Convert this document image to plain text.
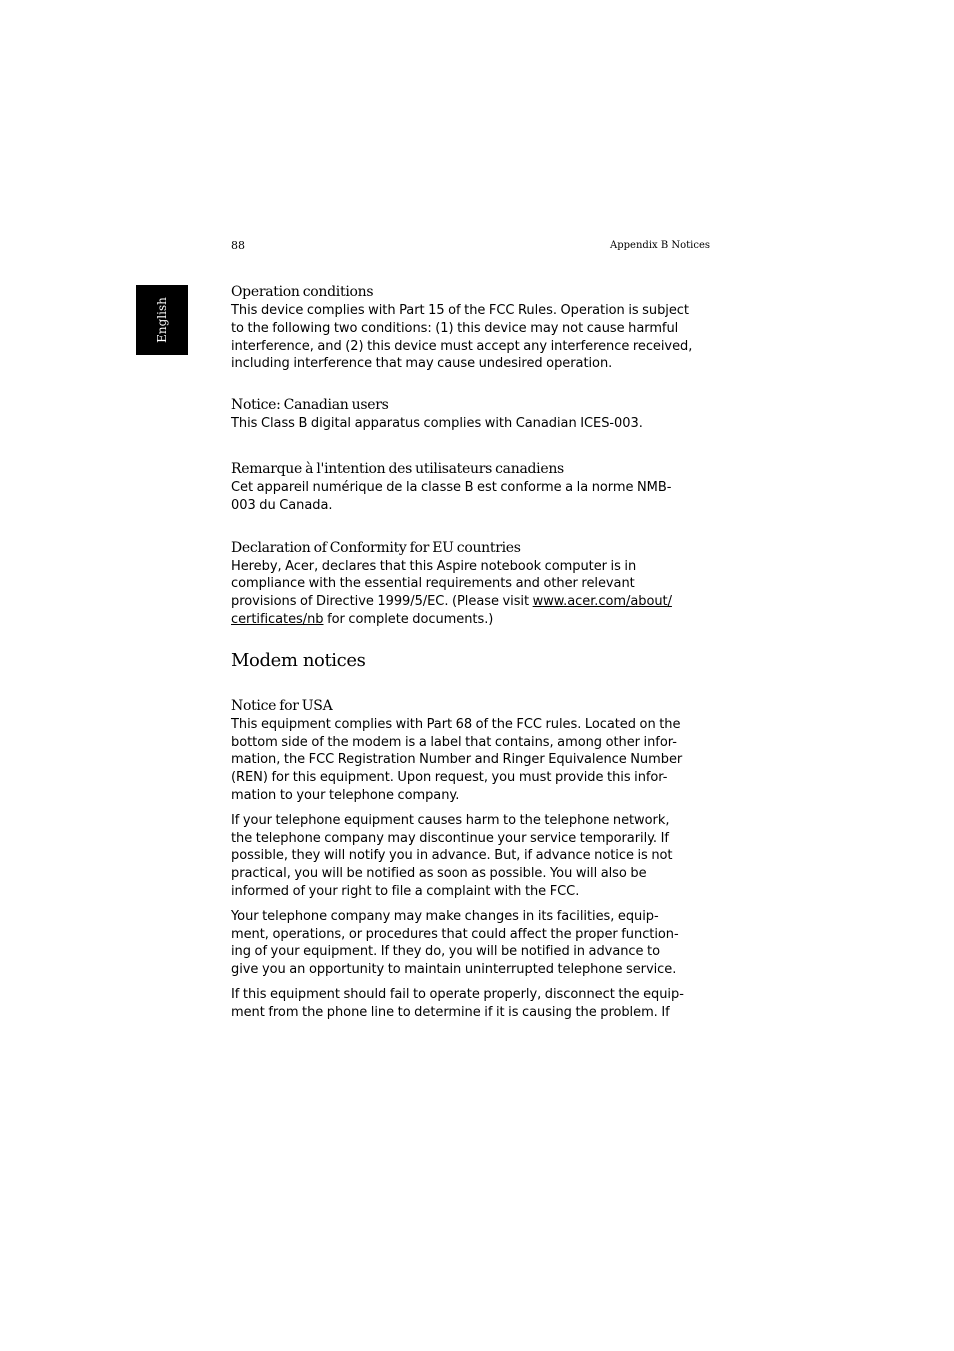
88	Appendix B Notices
English
Operation conditions

This device complies with Part 15 of the FCC Rules. Operation is subject
to the following two conditions: (1) this device may not cause harmful
interference, and (2) this device must accept any interference received,
including interference that may cause undesired operation.

Notice: Canadian users

This Class B digital apparatus complies with Canadian ICES-003.

Remarque à l'intention des utilisateurs canadiens

Cet appareil numérique de la classe B est conforme a la norme NMB-
003 du Canada.

Declaration of Conformity for EU countries

Hereby, Acer, declares that this Aspire notebook computer is in
compliance with the essential requirements and other relevant
provisions of Directive 1999/5/EC. (Please visit www.acer.com/about/
certificates/nb for complete documents.)

Modem notices
Notice for USA

This equipment complies with Part 68 of the FCC rules. Located on the
bottom side of the modem is a label that contains, among other infor-
mation, the FCC Registration Number and Ringer Equivalence Number
(REN) for this equipment. Upon request, you must provide this infor-
mation to your telephone company.

If your telephone equipment causes harm to the telephone network,
the telephone company may discontinue your service temporarily. If
possible, they will notify you in advance. But, if advance notice is not
practical, you will be notified as soon as possible. You will also be
informed of your right to file a complaint with the FCC.

Your telephone company may make changes in its facilities, equip-
ment, operations, or procedures that could affect the proper function-
ing of your equipment. If they do, you will be notified in advance to
give you an opportunity to maintain uninterrupted telephone service.

If this equipment should fail to operate properly, disconnect the equip-
ment from the phone line to determine if it is causing the problem. If
